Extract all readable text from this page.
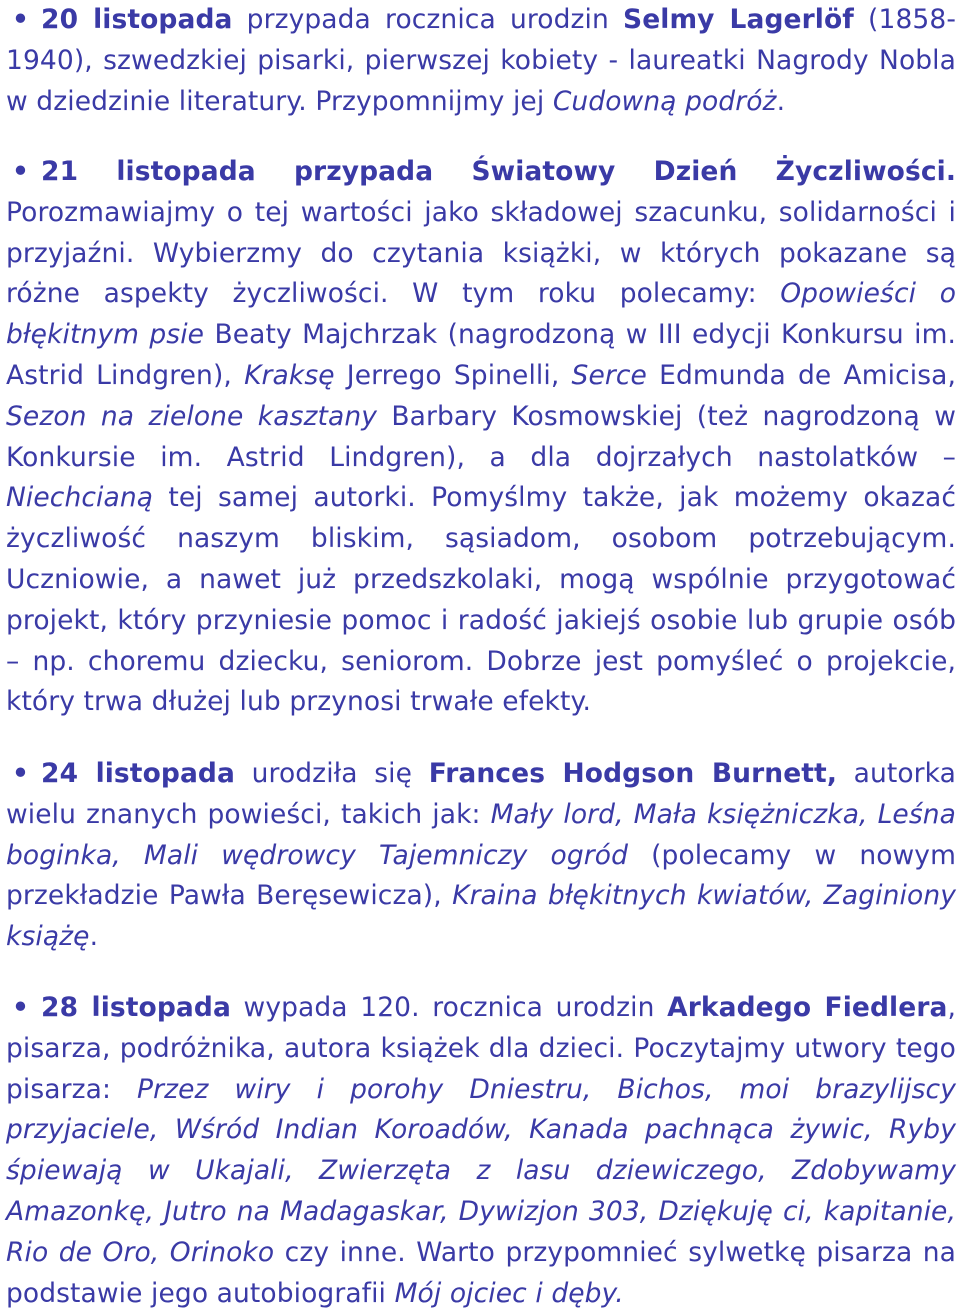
• 20 listopada przypada rocznica urodzin Selmy Lagerlöf (1858-1940), szwedzkiej pisarki, pierwszej kobiety - laureatki Nagrody Nobla w dziedzinie literatury. Przypomnijmy jej Cudowną podróż.

• 21 listopada przypada Światowy Dzień Życzliwości. Porozmawiajmy o tej wartości jako składowej szacunku, solidarności i przyjaźni. Wybierzmy do czytania książki, w których pokazane są różne aspekty życzliwości. W tym roku polecamy: Opowieści o błękitnym psie Beaty Majchrzak (nagrodzoną w III edycji Konkursu im. Astrid Lindgren), Kraksę Jerrego Spinelli, Serce Edmunda de Amicisa, Sezon na zielone kasztany Barbary Kosmowskiej (też nagrodzoną w Konkursie im. Astrid Lindgren), a dla dojrzałych nastolatków – Niechcianą tej samej autorki. Pomyślmy także, jak możemy okazać życzliwość naszym bliskim, sąsiadom, osobom potrzebującym. Uczniowie, a nawet już przedszkolaki, mogą wspólnie przygotować projekt, który przyniesie pomoc i radość jakiejś osobie lub grupie osób – np. choremu dziecku, seniorom. Dobrze jest pomyśleć o projekcie, który trwa dłużej lub przynosi trwałe efekty.

• 24 listopada urodziła się Frances Hodgson Burnett, autorka wielu znanych powieści, takich jak: Mały lord, Mała księżniczka, Leśna boginka, Mali wędrowcy Tajemniczy ogród (polecamy w nowym przekładzie Pawła Beręsewicza), Kraina błękitnych kwiatów, Zaginiony książę.

• 28 listopada wypada 120. rocznica urodzin Arkadego Fiedlera, pisarza, podróżnika, autora książek dla dzieci. Poczytajmy utwory tego pisarza: Przez wiry i porohy Dniestru, Bichos, moi brazylijscy przyjaciele, Wśród Indian Koroadów, Kanada pachnąca żywic, Ryby śpiewają w Ukajali, Zwierzęta z lasu dziewiczego, Zdobywamy Amazonkę, Jutro na Madagaskar, Dywizjon 303, Dziękuję ci, kapitanie, Rio de Oro, Orinoko czy inne. Warto przypomnieć sylwetkę pisarza na podstawie jego autobiografii Mój ojciec i dęby.
